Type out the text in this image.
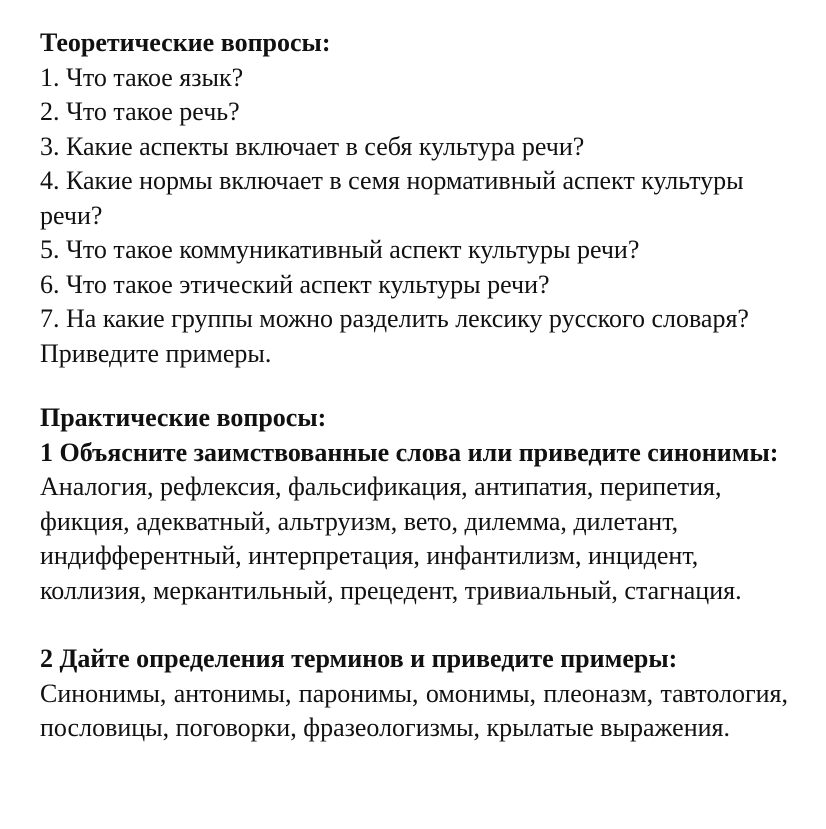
Теоретические вопросы:

1. Что такое язык?

2. Что такое речь?

3. Какие аспекты включает в себя культура речи?

4. Какие нормы включает в семя нормативный аспект культуры речи?

5. Что такое коммуникативный аспект культуры речи?

6. Что такое этический аспект культуры речи?

7. На какие группы можно разделить лексику русского словаря? Приведите примеры.

Практические вопросы:

1 Объясните заимствованные слова или приведите синонимы:

Аналогия, рефлексия, фальсификация, антипатия, перипетия, фикция, адекватный, альтруизм, вето, дилемма, дилетант, индифферентный, интерпретация, инфантилизм, инцидент, коллизия, меркантильный, прецедент, тривиальный, стагнация.

2 Дайте определения терминов и приведите примеры:

Синонимы, антонимы, паронимы, омонимы, плеоназм, тавтология, пословицы, поговорки, фразеологизмы, крылатые выражения.
